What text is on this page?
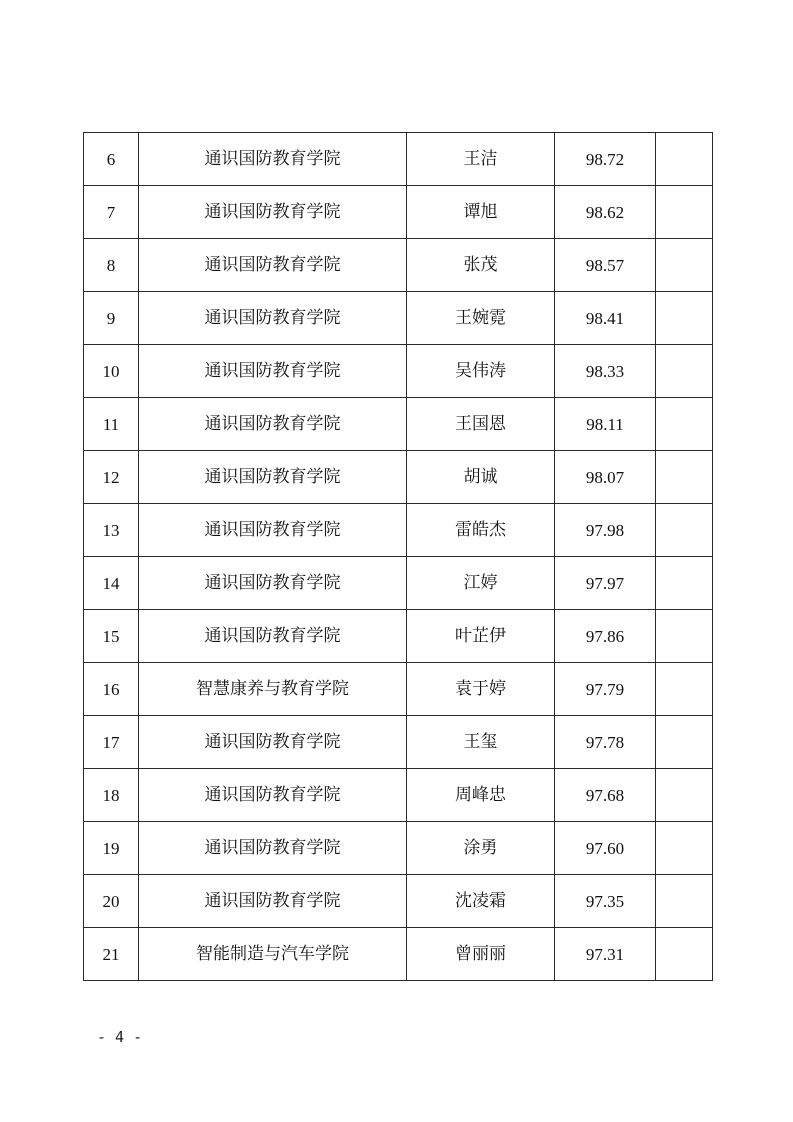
6	通识国防教育学院	王洁	98.72	
7	通识国防教育学院	谭旭	98.62	
8	通识国防教育学院	张茂	98.57	
9	通识国防教育学院	王婉霓	98.41	
10	通识国防教育学院	吴伟涛	98.33	
11	通识国防教育学院	王国恩	98.11	
12	通识国防教育学院	胡诚	98.07	
13	通识国防教育学院	雷皓杰	97.98	
14	通识国防教育学院	江婷	97.97	
15	通识国防教育学院	叶芷伊	97.86	
16	智慧康养与教育学院	袁于婷	97.79	
17	通识国防教育学院	王玺	97.78	
18	通识国防教育学院	周峰忠	97.68	
19	通识国防教育学院	涂勇	97.60	
20	通识国防教育学院	沈凌霜	97.35	
21	智能制造与汽车学院	曾丽丽	97.31	
- 4 -
